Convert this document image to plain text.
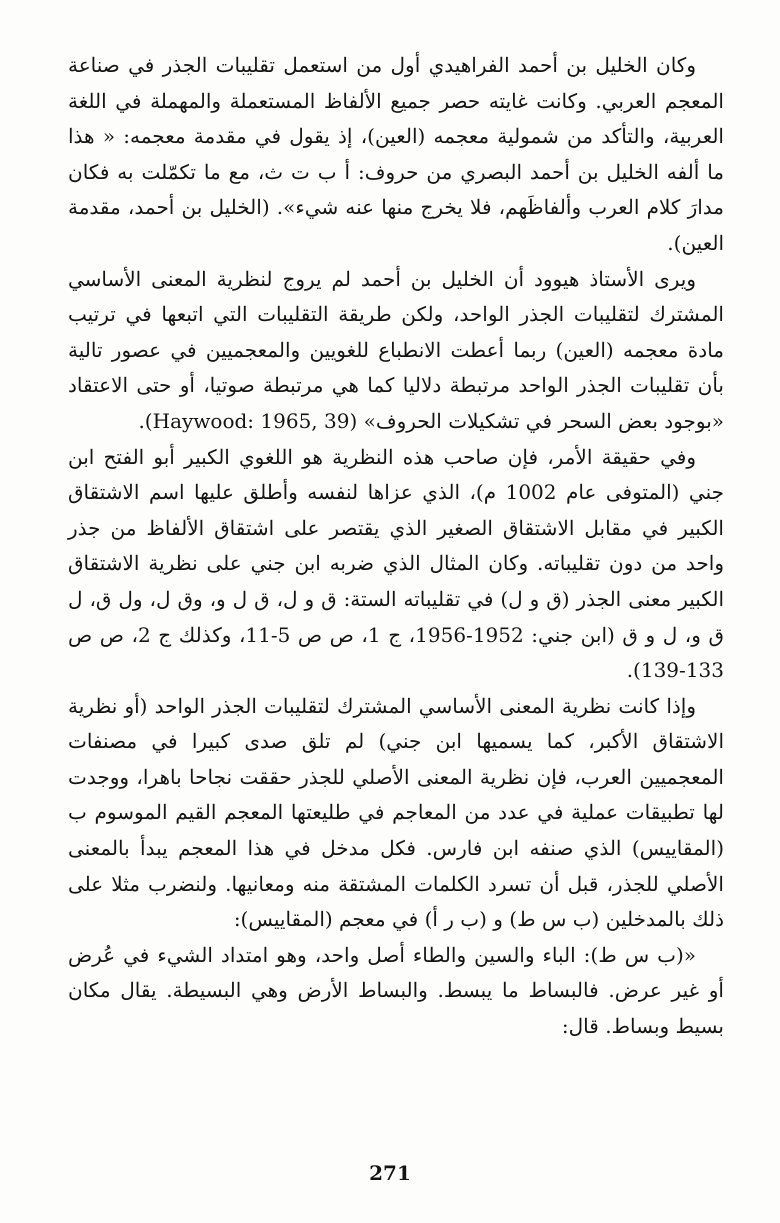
وكان الخليل بن أحمد الفراهيدي أول من استعمل تقليبات الجذر في صناعة المعجم العربي. وكانت غايته حصر جميع الألفاظ المستعملة والمهملة في اللغة العربية، والتأكد من شمولية معجمه (العين)، إذ يقول في مقدمة معجمه: « هذا ما ألفه الخليل بن أحمد البصري من حروف: أ ب ت ث، مع ما تكمّلت به فكان مدارَ كلام العرب وألفاظَهم، فلا يخرج منها عنه شيء». (الخليل بن أحمد، مقدمة العين).

ويرى الأستاذ هيوود أن الخليل بن أحمد لم يروج لنظرية المعنى الأساسي المشترك لتقليبات الجذر الواحد، ولكن طريقة التقليبات التي اتبعها في ترتيب مادة معجمه (العين) ربما أعطت الانطباع للغويين والمعجميين في عصور تالية بأن تقليبات الجذر الواحد مرتبطة دلاليا كما هي مرتبطة صوتيا، أو حتى الاعتقاد «بوجود بعض السحر في تشكيلات الحروف» (Haywood: 1965, 39).

وفي حقيقة الأمر، فإن صاحب هذه النظرية هو اللغوي الكبير أبو الفتح ابن جني (المتوفى عام 1002 م)، الذي عزاها لنفسه وأطلق عليها اسم الاشتقاق الكبير في مقابل الاشتقاق الصغير الذي يقتصر على اشتقاق الألفاظ من جذر واحد من دون تقليباته. وكان المثال الذي ضربه ابن جني على نظرية الاشتقاق الكبير معنى الجذر (ق و ل) في تقليباته الستة: ق و ل، ق ل و، وق ل، ول ق، ل ق و، ل و ق (ابن جني: 1952-1956، ج 1، ص ص 5-11، وكذلك ج 2، ص ص 133-139).

وإذا كانت نظرية المعنى الأساسي المشترك لتقليبات الجذر الواحد (أو نظرية الاشتقاق الأكبر، كما يسميها ابن جني) لم تلق صدى كبيرا في مصنفات المعجميين العرب، فإن نظرية المعنى الأصلي للجذر حققت نجاحا باهرا، ووجدت لها تطبيقات عملية في عدد من المعاجم في طليعتها المعجم القيم الموسوم ب (المقاييس) الذي صنفه ابن فارس. فكل مدخل في هذا المعجم يبدأ بالمعنى الأصلي للجذر، قبل أن تسرد الكلمات المشتقة منه ومعانيها. ولنضرب مثلا على ذلك بالمدخلين (ب س ط) و (ب ر أ) في معجم (المقاييس):

«(ب س ط): الباء والسين والطاء أصل واحد، وهو امتداد الشيء في عُرض أو غير عرض. فالبساط ما يبسط. والبساط الأرض وهي البسيطة. يقال مكان بسيط وبساط. قال:

271
